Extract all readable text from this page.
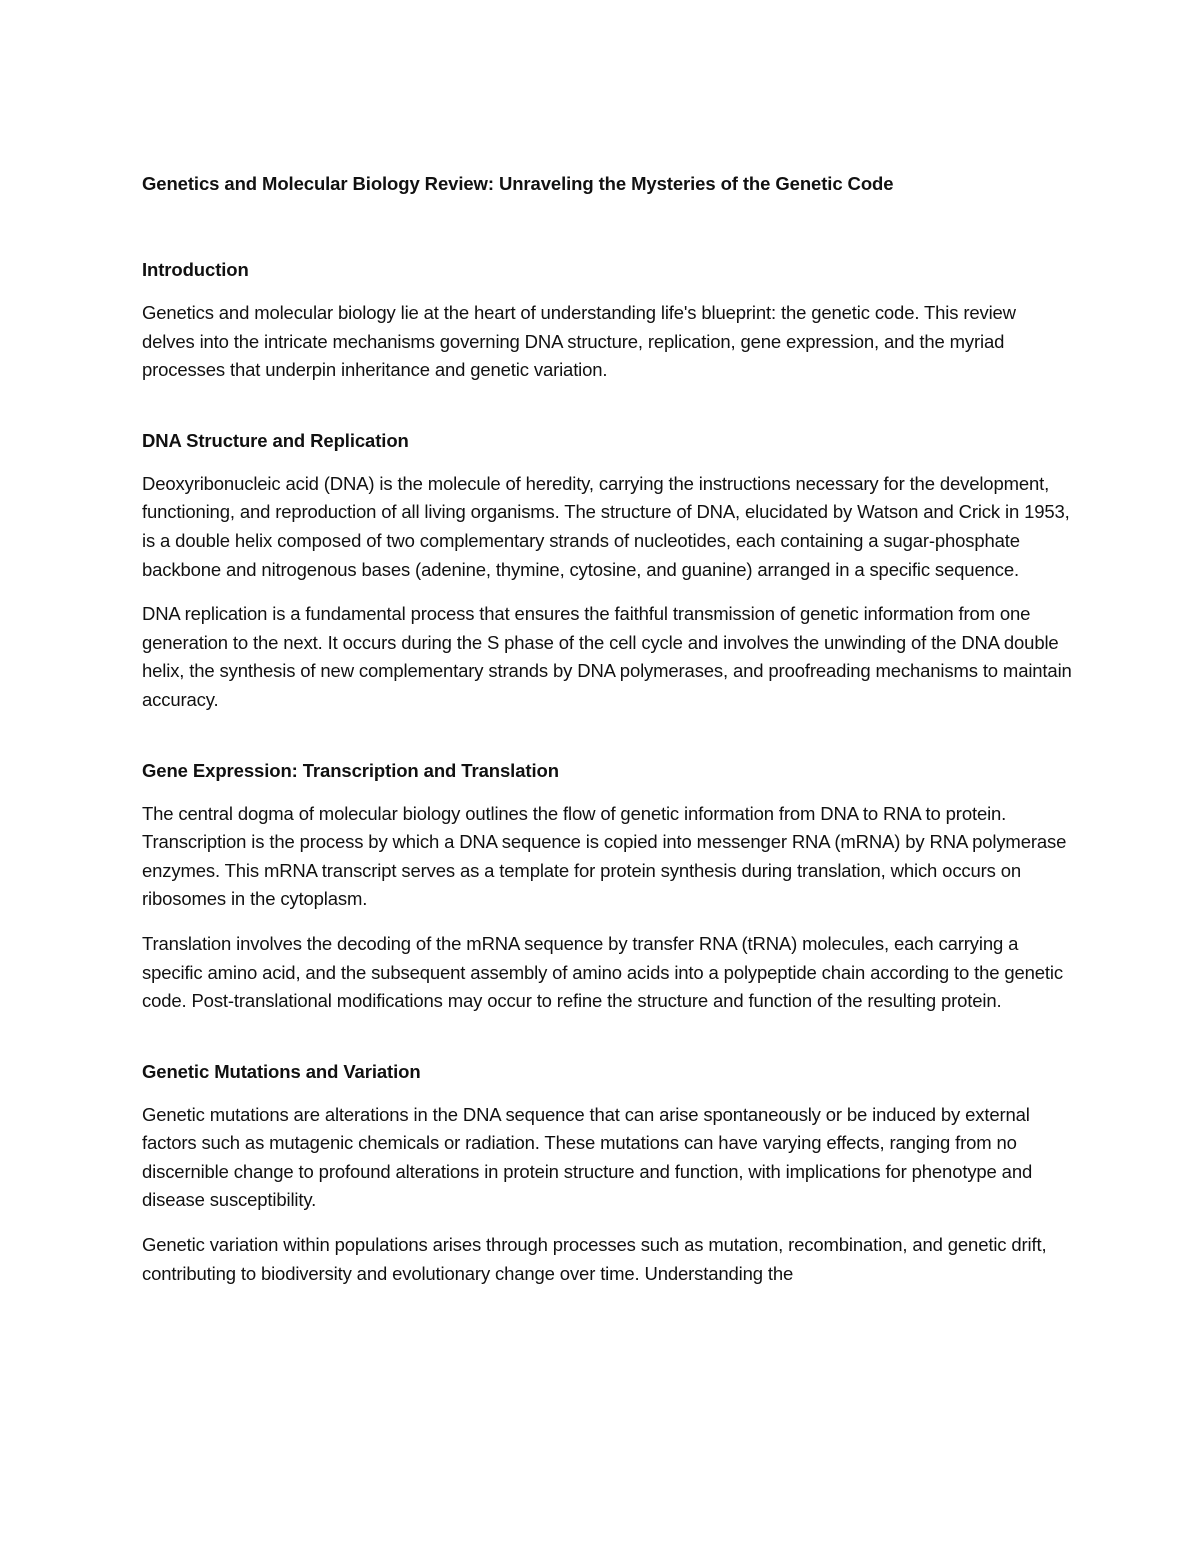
Genetics and Molecular Biology Review: Unraveling the Mysteries of the Genetic Code
Introduction

Genetics and molecular biology lie at the heart of understanding life's blueprint: the genetic code. This review delves into the intricate mechanisms governing DNA structure, replication, gene expression, and the myriad processes that underpin inheritance and genetic variation.

DNA Structure and Replication

Deoxyribonucleic acid (DNA) is the molecule of heredity, carrying the instructions necessary for the development, functioning, and reproduction of all living organisms. The structure of DNA, elucidated by Watson and Crick in 1953, is a double helix composed of two complementary strands of nucleotides, each containing a sugar-phosphate backbone and nitrogenous bases (adenine, thymine, cytosine, and guanine) arranged in a specific sequence.

DNA replication is a fundamental process that ensures the faithful transmission of genetic information from one generation to the next. It occurs during the S phase of the cell cycle and involves the unwinding of the DNA double helix, the synthesis of new complementary strands by DNA polymerases, and proofreading mechanisms to maintain accuracy.

Gene Expression: Transcription and Translation

The central dogma of molecular biology outlines the flow of genetic information from DNA to RNA to protein. Transcription is the process by which a DNA sequence is copied into messenger RNA (mRNA) by RNA polymerase enzymes. This mRNA transcript serves as a template for protein synthesis during translation, which occurs on ribosomes in the cytoplasm.

Translation involves the decoding of the mRNA sequence by transfer RNA (tRNA) molecules, each carrying a specific amino acid, and the subsequent assembly of amino acids into a polypeptide chain according to the genetic code. Post-translational modifications may occur to refine the structure and function of the resulting protein.

Genetic Mutations and Variation

Genetic mutations are alterations in the DNA sequence that can arise spontaneously or be induced by external factors such as mutagenic chemicals or radiation. These mutations can have varying effects, ranging from no discernible change to profound alterations in protein structure and function, with implications for phenotype and disease susceptibility.

Genetic variation within populations arises through processes such as mutation, recombination, and genetic drift, contributing to biodiversity and evolutionary change over time. Understanding the
